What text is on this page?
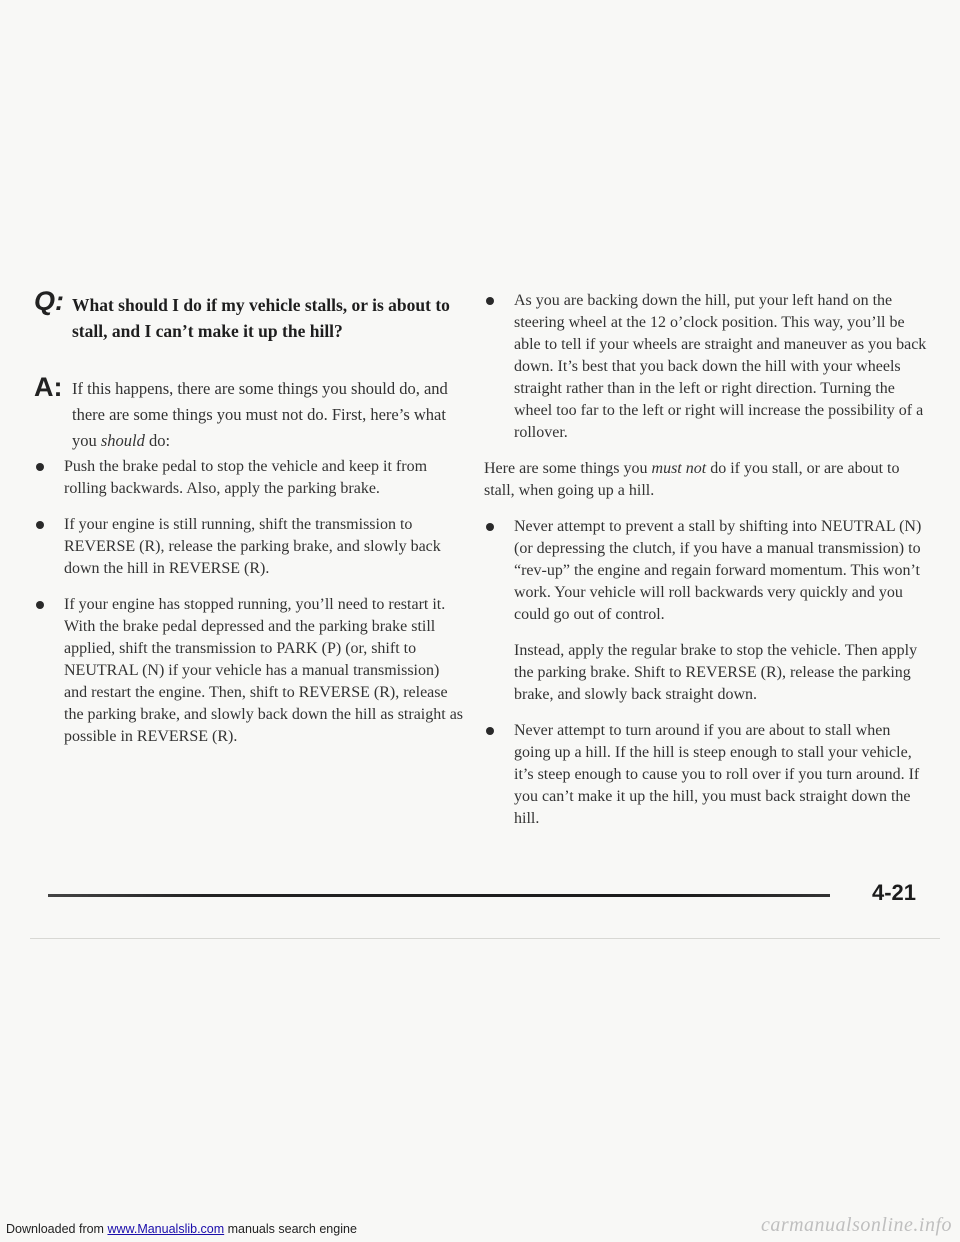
Q: What should I do if my vehicle stalls, or is about to stall, and I can’t make it up the hill?
A: If this happens, there are some things you should do, and there are some things you must not do. First, here’s what you should do:
Push the brake pedal to stop the vehicle and keep it from rolling backwards. Also, apply the parking brake.
If your engine is still running, shift the transmission to REVERSE (R), release the parking brake, and slowly back down the hill in REVERSE (R).
If your engine has stopped running, you’ll need to restart it. With the brake pedal depressed and the parking brake still applied, shift the transmission to PARK (P) (or, shift to NEUTRAL (N) if your vehicle has a manual transmission) and restart the engine. Then, shift to REVERSE (R), release the parking brake, and slowly back down the hill as straight as possible in REVERSE (R).
As you are backing down the hill, put your left hand on the steering wheel at the 12 o’clock position. This way, you’ll be able to tell if your wheels are straight and maneuver as you back down. It’s best that you back down the hill with your wheels straight rather than in the left or right direction. Turning the wheel too far to the left or right will increase the possibility of a rollover.
Here are some things you must not do if you stall, or are about to stall, when going up a hill.
Never attempt to prevent a stall by shifting into NEUTRAL (N) (or depressing the clutch, if you have a manual transmission) to “rev-up” the engine and regain forward momentum. This won’t work. Your vehicle will roll backwards very quickly and you could go out of control.
Instead, apply the regular brake to stop the vehicle. Then apply the parking brake. Shift to REVERSE (R), release the parking brake, and slowly back straight down.
Never attempt to turn around if you are about to stall when going up a hill. If the hill is steep enough to stall your vehicle, it’s steep enough to cause you to roll over if you turn around. If you can’t make it up the hill, you must back straight down the hill.
4-21
Downloaded from www.Manualslib.com manuals search engine	carmanualsonline.info
